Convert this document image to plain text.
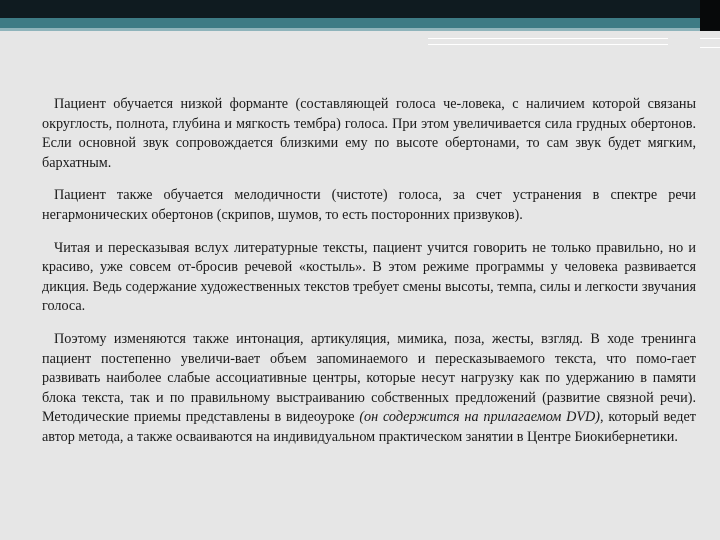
Пациент обучается низкой форманте (составляющей голоса че-ловека, с наличием которой связаны округлость, полнота, глубина и мягкость тембра) голоса. При этом увеличивается сила грудных обертонов. Если основной звук сопровождается близкими ему по высоте обертонами, то сам звук будет мягким, бархатным.

Пациент также обучается мелодичности (чистоте) голоса, за счет устранения в спектре речи негармонических обертонов (скрипов, шумов, то есть посторонних призвуков).

Читая и пересказывая вслух литературные тексты, пациент учится говорить не только правильно, но и красиво, уже совсем от-бросив речевой «костыль». В этом режиме программы у человека развивается дикция. Ведь содержание художественных текстов требует смены высоты, темпа, силы и легкости звучания голоса.

Поэтому изменяются также интонация, артикуляция, мимика, поза, жесты, взгляд. В ходе тренинга пациент постепенно увеличи-вает объем запоминаемого и пересказываемого текста, что помо-гает развивать наиболее слабые ассоциативные центры, которые несут нагрузку как по удержанию в памяти блока текста, так и по правильному выстраиванию собственных предложений (развитие связной речи). Методические приемы представлены в видеоуроке (он содержится на прилагаемом DVD), который ведет автор метода, а также осваиваются на индивидуальном практическом занятии в Центре Биокибернетики.
